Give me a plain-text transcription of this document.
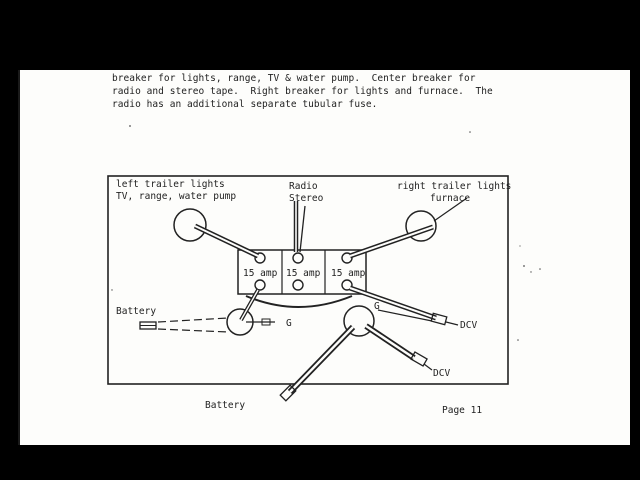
breaker for lights, range, TV & water pump.  Center breaker for
radio and stereo tape.  Right breaker for lights and furnace.  The
radio has an additional separate tubular fuse.
15 amp 15 amp 15 amp
left trailer lights
TV, range, water pump
Radio
Stereo
right trailer lights
furnace
Battery
G
G
DCV
DCV
Battery	Page 11
